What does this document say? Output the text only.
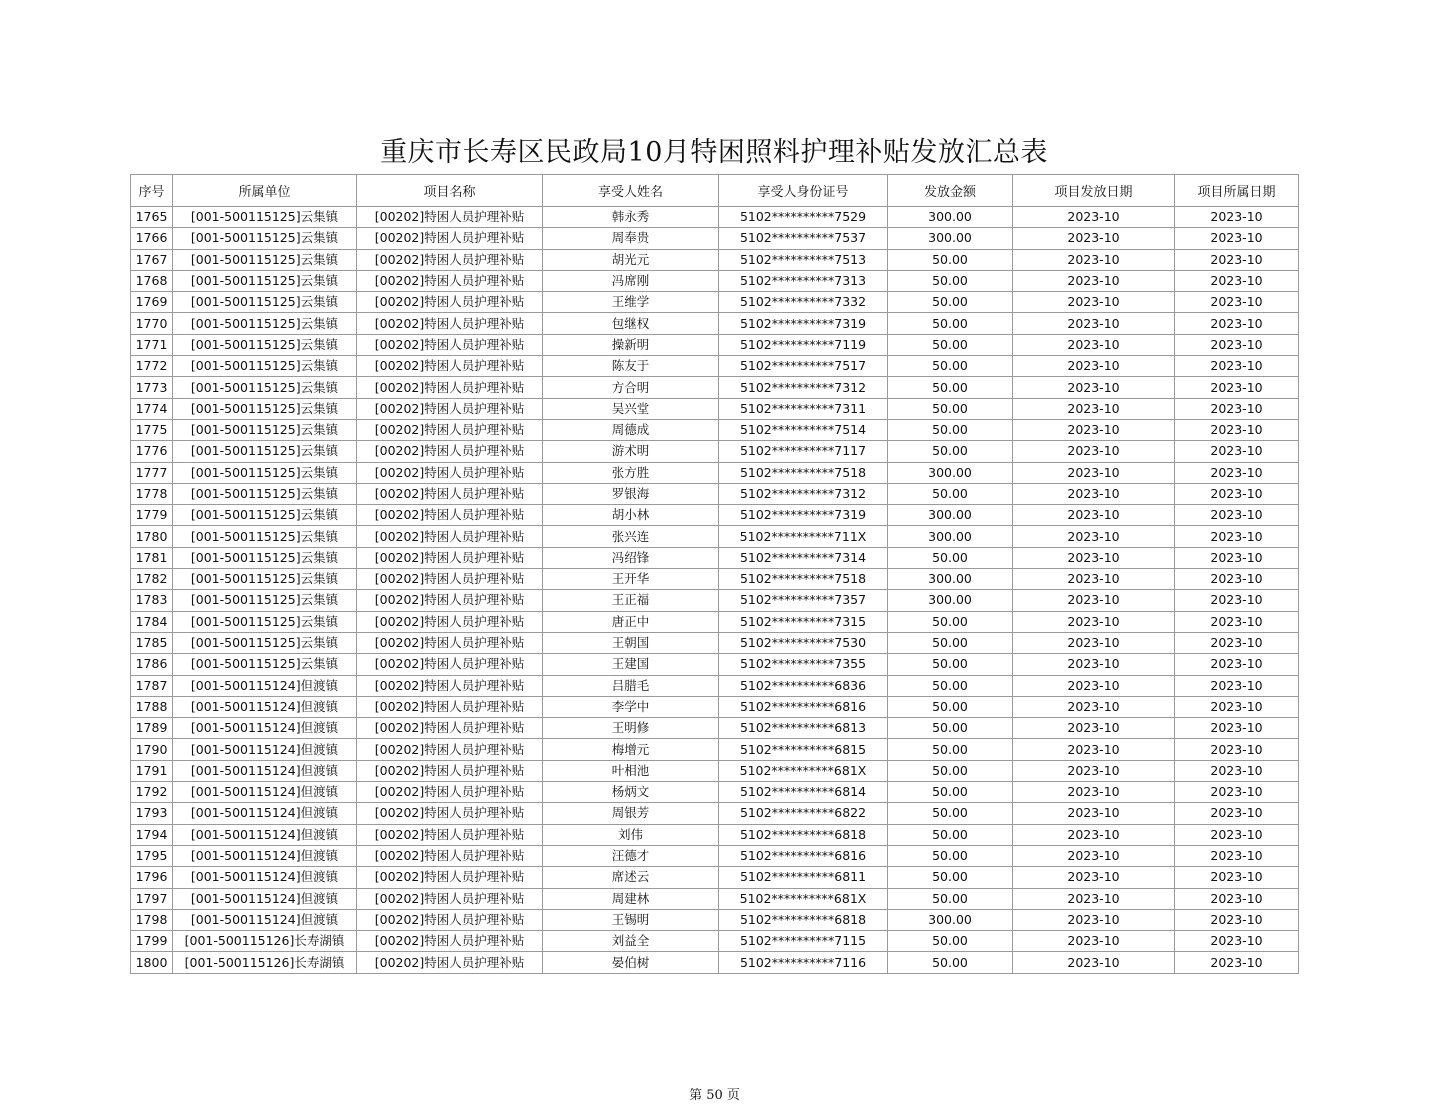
重庆市长寿区民政局10月特困照料护理补贴发放汇总表
序号	所属单位	项目名称	享受人姓名	享受人身份证号	发放金额	项目发放日期	项目所属日期
1765	[001-500115125]云集镇	[00202]特困人员护理补贴	韩永秀	5102**********7529	300.00	2023-10	2023-10
1766	[001-500115125]云集镇	[00202]特困人员护理补贴	周奉贵	5102**********7537	300.00	2023-10	2023-10
1767	[001-500115125]云集镇	[00202]特困人员护理补贴	胡光元	5102**********7513	50.00	2023-10	2023-10
1768	[001-500115125]云集镇	[00202]特困人员护理补贴	冯席刚	5102**********7313	50.00	2023-10	2023-10
1769	[001-500115125]云集镇	[00202]特困人员护理补贴	王维学	5102**********7332	50.00	2023-10	2023-10
1770	[001-500115125]云集镇	[00202]特困人员护理补贴	包继权	5102**********7319	50.00	2023-10	2023-10
1771	[001-500115125]云集镇	[00202]特困人员护理补贴	操新明	5102**********7119	50.00	2023-10	2023-10
1772	[001-500115125]云集镇	[00202]特困人员护理补贴	陈友于	5102**********7517	50.00	2023-10	2023-10
1773	[001-500115125]云集镇	[00202]特困人员护理补贴	方合明	5102**********7312	50.00	2023-10	2023-10
1774	[001-500115125]云集镇	[00202]特困人员护理补贴	吴兴堂	5102**********7311	50.00	2023-10	2023-10
1775	[001-500115125]云集镇	[00202]特困人员护理补贴	周德成	5102**********7514	50.00	2023-10	2023-10
1776	[001-500115125]云集镇	[00202]特困人员护理补贴	游术明	5102**********7117	50.00	2023-10	2023-10
1777	[001-500115125]云集镇	[00202]特困人员护理补贴	张方胜	5102**********7518	300.00	2023-10	2023-10
1778	[001-500115125]云集镇	[00202]特困人员护理补贴	罗银海	5102**********7312	50.00	2023-10	2023-10
1779	[001-500115125]云集镇	[00202]特困人员护理补贴	胡小林	5102**********7319	300.00	2023-10	2023-10
1780	[001-500115125]云集镇	[00202]特困人员护理补贴	张兴连	5102**********711X	300.00	2023-10	2023-10
1781	[001-500115125]云集镇	[00202]特困人员护理补贴	冯绍锋	5102**********7314	50.00	2023-10	2023-10
1782	[001-500115125]云集镇	[00202]特困人员护理补贴	王开华	5102**********7518	300.00	2023-10	2023-10
1783	[001-500115125]云集镇	[00202]特困人员护理补贴	王正福	5102**********7357	300.00	2023-10	2023-10
1784	[001-500115125]云集镇	[00202]特困人员护理补贴	唐正中	5102**********7315	50.00	2023-10	2023-10
1785	[001-500115125]云集镇	[00202]特困人员护理补贴	王朝国	5102**********7530	50.00	2023-10	2023-10
1786	[001-500115125]云集镇	[00202]特困人员护理补贴	王建国	5102**********7355	50.00	2023-10	2023-10
1787	[001-500115124]但渡镇	[00202]特困人员护理补贴	吕腊毛	5102**********6836	50.00	2023-10	2023-10
1788	[001-500115124]但渡镇	[00202]特困人员护理补贴	李学中	5102**********6816	50.00	2023-10	2023-10
1789	[001-500115124]但渡镇	[00202]特困人员护理补贴	王明修	5102**********6813	50.00	2023-10	2023-10
1790	[001-500115124]但渡镇	[00202]特困人员护理补贴	梅增元	5102**********6815	50.00	2023-10	2023-10
1791	[001-500115124]但渡镇	[00202]特困人员护理补贴	叶相池	5102**********681X	50.00	2023-10	2023-10
1792	[001-500115124]但渡镇	[00202]特困人员护理补贴	杨炳文	5102**********6814	50.00	2023-10	2023-10
1793	[001-500115124]但渡镇	[00202]特困人员护理补贴	周银芳	5102**********6822	50.00	2023-10	2023-10
1794	[001-500115124]但渡镇	[00202]特困人员护理补贴	刘伟	5102**********6818	50.00	2023-10	2023-10
1795	[001-500115124]但渡镇	[00202]特困人员护理补贴	汪德才	5102**********6816	50.00	2023-10	2023-10
1796	[001-500115124]但渡镇	[00202]特困人员护理补贴	席述云	5102**********6811	50.00	2023-10	2023-10
1797	[001-500115124]但渡镇	[00202]特困人员护理补贴	周建林	5102**********681X	50.00	2023-10	2023-10
1798	[001-500115124]但渡镇	[00202]特困人员护理补贴	王锡明	5102**********6818	300.00	2023-10	2023-10
1799	[001-500115126]长寿湖镇	[00202]特困人员护理补贴	刘益全	5102**********7115	50.00	2023-10	2023-10
1800	[001-500115126]长寿湖镇	[00202]特困人员护理补贴	晏伯树	5102**********7116	50.00	2023-10	2023-10
第 50 页
